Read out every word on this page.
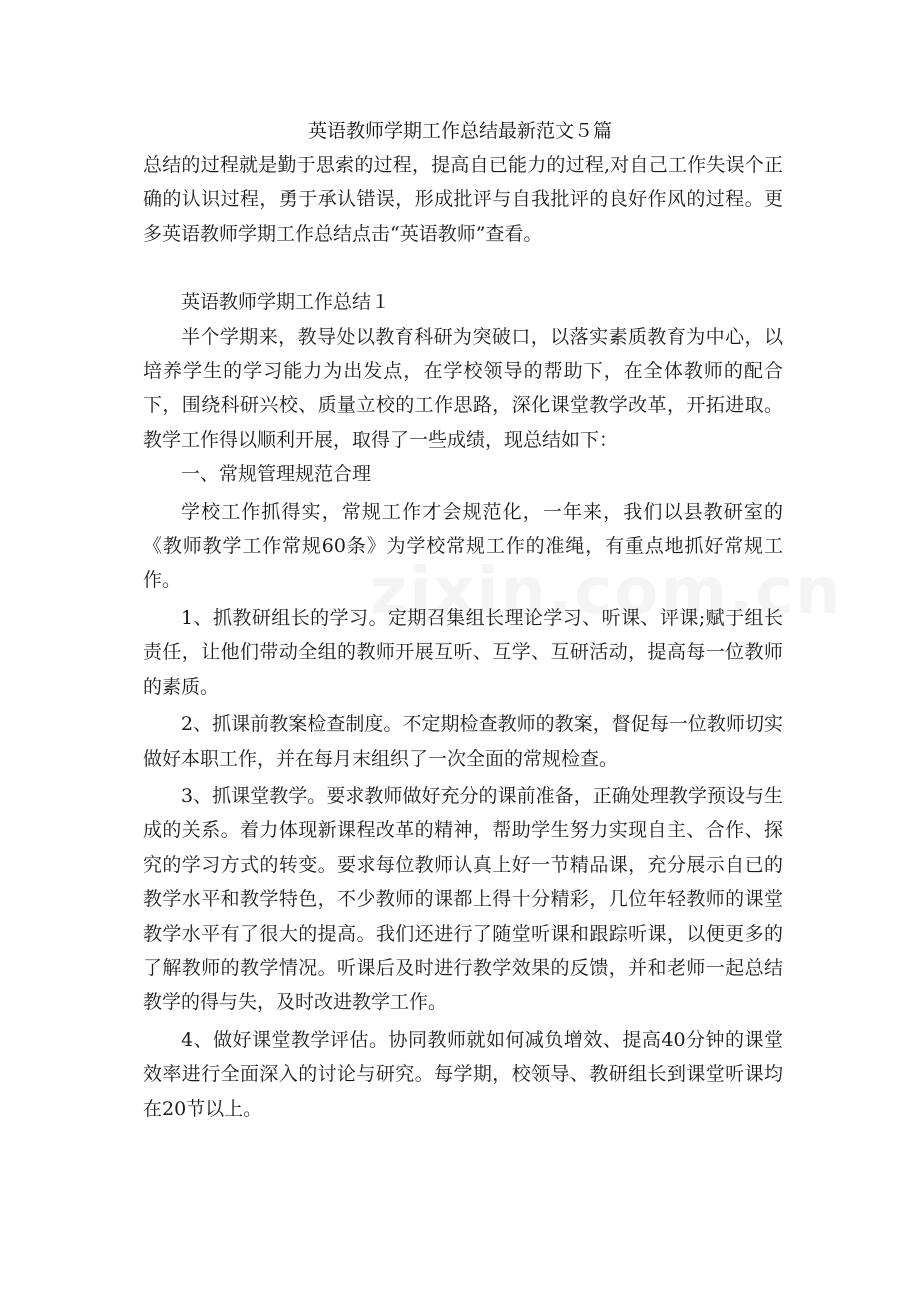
英语教师学期工作总结最新范文５篇

总结的过程就是勤于思索的过程，提高自已能力的过程,对自己工作失误个正确的认识过程，勇于承认错误，形成批评与自我批评的良好作风的过程。更多英语教师学期工作总结点击“英语教师”查看。

英语教师学期工作总结１

半个学期来，教导处以教育科研为突破口，以落实素质教育为中心，以培养学生的学习能力为出发点，在学校领导的帮助下，在全体教师的配合下，围绕科研兴校、质量立校的工作思路，深化课堂教学改革，开拓进取。教学工作得以顺利开展，取得了一些成绩，现总结如下：

一、常规管理规范合理

学校工作抓得实，常规工作才会规范化，一年来，我们以县教研室的《教师教学工作常规60条》为学校常规工作的准绳，有重点地抓好常规工作。

1、抓教研组长的学习。定期召集组长理论学习、听课、评课;赋于组长责任，让他们带动全组的教师开展互听、互学、互研活动，提高每一位教师的素质。

2、抓课前教案检查制度。不定期检查教师的教案，督促每一位教师切实做好本职工作，并在每月末组织了一次全面的常规检查。

3、抓课堂教学。要求教师做好充分的课前准备，正确处理教学预设与生成的关系。着力体现新课程改革的精神，帮助学生努力实现自主、合作、探究的学习方式的转变。要求每位教师认真上好一节精品课，充分展示自已的教学水平和教学特色，不少教师的课都上得十分精彩，几位年轻教师的课堂教学水平有了很大的提高。我们还进行了随堂听课和跟踪听课，以便更多的了解教师的教学情况。听课后及时进行教学效果的反馈，并和老师一起总结教学的得与失，及时改进教学工作。

4、做好课堂教学评估。协同教师就如何减负增效、提高40分钟的课堂效率进行全面深入的讨论与研究。每学期，校领导、教研组长到课堂听课均在20节以上。
